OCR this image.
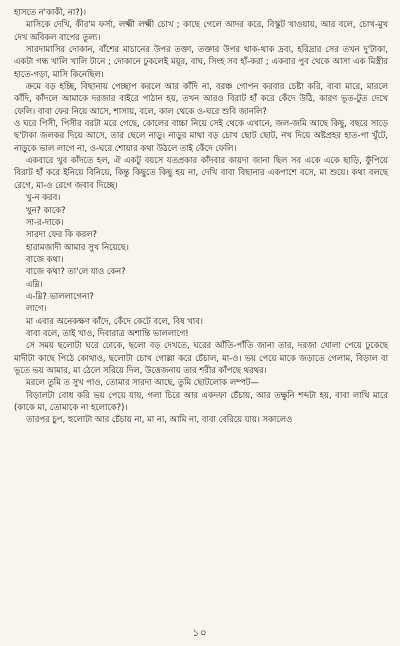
হাসতে ন'কাকী, না?)।

মাসিকে দেখি, কীর'ম ফর্সা, লক্ষ্মী লক্ষ্মী চোখ ; কাছে গেলে আদর করে, বিস্কুট খাওয়ায়, আর বলে, চোখ-মুখ দেখ অবিকল বাপের তুল্য।

সারদামাসির দোকান, বাঁশের মাচানের উপর তক্তা, তক্তার উপর থাক-থাক দ্রব্য, হরিদ্রার সের তখন দু'টাকা, একটা গন্ধ খালি খালি টানে ; দোকানে ঢুকলেই ময়ূর, বাঘ, সিংহ সব হাঁ-করা ; একবার পুব থেকে আসা এক মিস্ত্রীর হাতে-গড়া, মাসি কিনেছিল।

ক্রমে বড় হচ্ছি, বিছানায় পেচ্ছাপ করলে আর কাঁদি না, বরঞ্চ গোপন করবার চেষ্টা করি, বাবা মারে, মারলে কাঁদি, কাঁদলে আমাকে দরজার বাইরে পাঠান হয়, তখন আরও বিরাট হাঁ করে কেঁদে উঠি, কারণ ভূত-টুত দেখে ফেলি। বাবা ফের নিয়ে আসে, শাসায়, বলে, কাল থেকে ও-ঘরে শুবি জানলি?

ও ঘরে পিসী, পিসীর বরটা মরে গেছে, কোলের বাচ্চা নিয়ে সেই থেকে এখানে, জল-জমি আছে কিছু, বছরে সাড়ে ছ'টাকা জলকর দিয়ে আসে, তার ছেলে নাড়ু। নাড়ুর মাথা বড় চোখ ছোট ছোট, নখ দিয়ে অষ্টপ্রহর হাত-পা খুঁটে, নাড়ুকে ভাল লাগে না, ও-ঘরে শোয়ার কথা উঠলে তাই কেঁদে ফেলি।

একবারে খুব কাঁদতে হল, ঐ একটু বয়সে যতপ্রকার কাঁদবার কায়দা জানা ছিল সব একে একে ছাড়ি, ফুঁপিয়ে বিরাট হাঁ করে ইনিয়ে বিনিয়ে, কিন্তু কিছুতে কিছু হয় না, দেখি বাবা বিছানার একপাশে বসে, মা শুয়ে। কথা বলছে রেগে, মা-ও রেগে জবাব দিচ্ছে।

খু-ন করব।

খুন? কাকে?

সা-র-দাকে।

সারদা ফের কি করল?

হারামজাদী আমার সুখ নিয়েছে।

বাজে কথা।

বাজে কথা? তা'লে যাও কেন?

এম্নি।

এ-ম্নি? ভাললাগেনা?

লাগে।

মা এবার অনেকক্ষণ কাঁদে, কেঁদে কেটে বলে, বিষ খাব।

বাবা বলে, তাই খাও, দিবারাত্র অশান্তি ভাললাগে!

সে সময় ছলোটা ঘরে ঢোকে, ছলো বড় দেখতে, ঘরের আঁতি-পাঁতি জানা তার, দরজা খোলা পেয়ে ঢুকেছে মাদীটা কাছে পিঠে কোথাও, ছলোটা চোখ গোল্লা করে চেঁচাল, মা-ও। ভয় পেয়ে মাকে জড়াতে গেলাম, বিড়াল বা ভূতে ভয় আমার, মা ঠেলে সরিয়ে দিল, উত্তেজনায় তার শরীর কাঁপছে থরথর।

মরলে তুমি ত সুখ পাও, তোমার সারদা আছে, তুমি ছোটলোক লম্পট—

বিড়ালটা বোধ করি ভয় পেয়ে যায়, গলা চিরে আর একদফা চেঁচায়, আর তক্ষুনি শব্দটা হয়, বাবা লাথি মারে (কাকে মা, তোমাকে না হলোকে?)।

তারপর চুপ, হুলোটা আর চেঁচায় না, মা না, আমি না, বাবা বেরিয়ে যায়। সকালেও

১০
